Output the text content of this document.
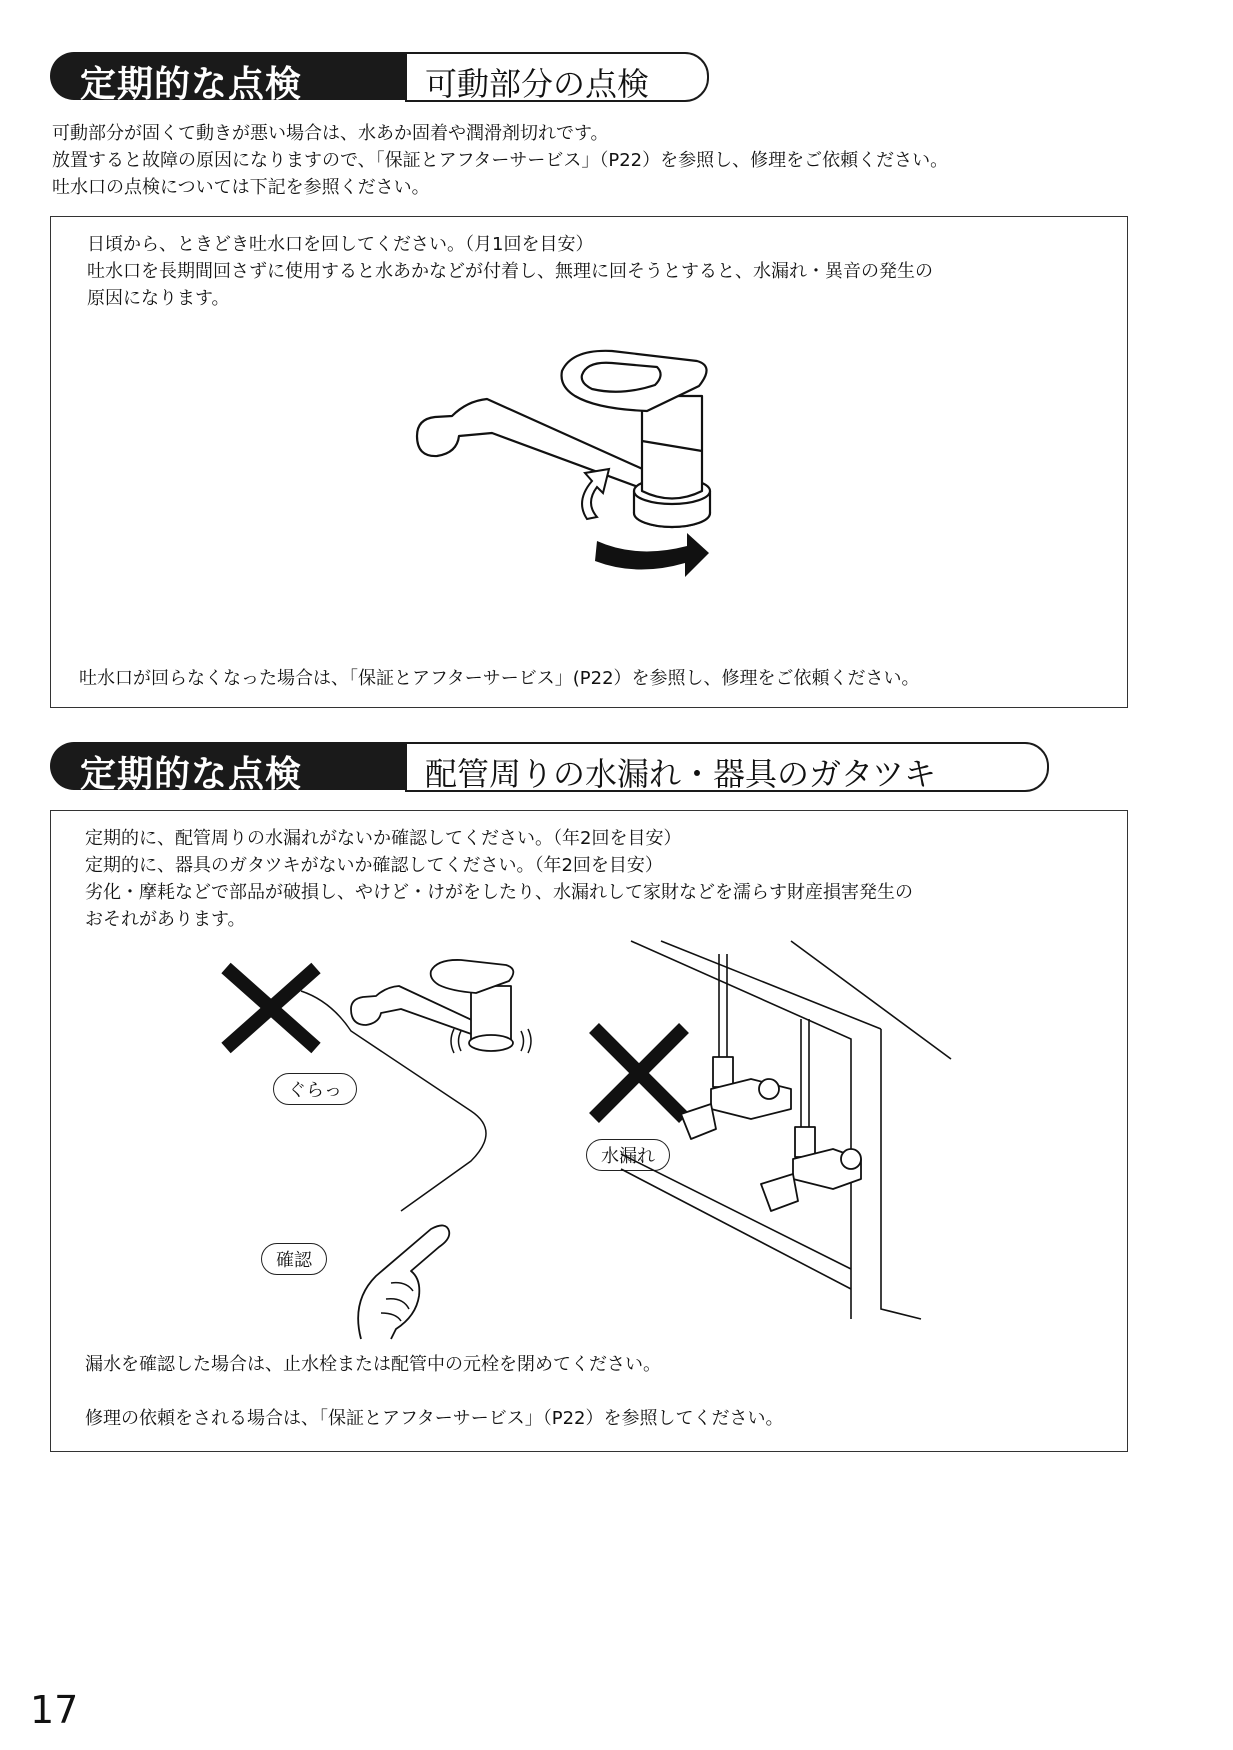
定期的な点検	可動部分の点検

可動部分が固くて動きが悪い場合は、水あか固着や潤滑剤切れです。

放置すると故障の原因になりますので、「保証とアフターサービス」（P22）を参照し、修理をご依頼ください。

吐水口の点検については下記を参照ください。

日頃から、ときどき吐水口を回してください。（月1回を目安）

吐水口を長期間回さずに使用すると水あかなどが付着し、無理に回そうとすると、水漏れ・異音の発生の

原因になります。

吐水口が回らなくなった場合は、「保証とアフターサービス」(P22）を参照し、修理をご依頼ください。

定期的な点検	配管周りの水漏れ・器具のガタツキ

定期的に、配管周りの水漏れがないか確認してください。（年2回を目安）

定期的に、器具のガタツキがないか確認してください。（年2回を目安）

劣化・摩耗などで部品が破損し、やけど・けがをしたり、水漏れして家財などを濡らす財産損害発生の

おそれがあります。

ぐらっ
水漏れ
確認

漏水を確認した場合は、止水栓または配管中の元栓を閉めてください。

修理の依頼をされる場合は、「保証とアフターサービス」（P22）を参照してください。

17
